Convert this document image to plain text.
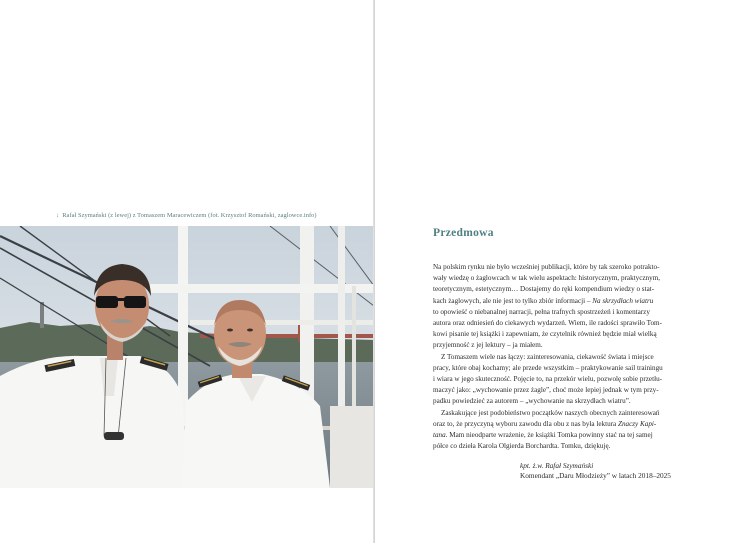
↓ Rafał Szymański (z lewej) z Tomaszem Maracewiczem (fot. Krzysztof Romański, zaglowce.info)
Przedmowa
Na polskim rynku nie było wcześniej publikacji, które by tak szeroko potrakto-
wały wiedzę o żaglowcach w tak wielu aspektach: historycznym, praktycznym,
teoretycznym, estetycznym… Dostajemy do ręki kompendium wiedzy o stat-
kach żaglowych, ale nie jest to tylko zbiór informacji – Na skrzydłach wiatru
to opowieść o niebanalnej narracji, pełna trafnych spostrzeżeń i komentarzy
autora oraz odniesień do ciekawych wydarzeń. Wiem, ile radości sprawiło Tom-
kowi pisanie tej książki i zapewniam, że czytelnik również będzie miał wielką
przyjemność z jej lektury – ja miałem.
Z Tomaszem wiele nas łączy: zainteresowania, ciekawość świata i miejsce
pracy, które obaj kochamy; ale przede wszystkim – praktykowanie sail trainingu
i wiara w jego skuteczność. Pojęcie to, na przekór wielu, pozwolę sobie przetłu-
maczyć jako: „wychowanie przez żagle”, choć może lepiej jednak w tym przy-
padku powiedzieć za autorem – „wychowanie na skrzydłach wiatru”.
Zaskakujące jest podobieństwo początków naszych obecnych zainteresowań
oraz to, że przyczyną wyboru zawodu dla obu z nas była lektura Znaczy Kapi-
tana. Mam nieodparte wrażenie, że książki Tomka powinny stać na tej samej
półce co dzieła Karola Olgierda Borchardta. Tomku, dziękuję.
kpt. ż.w. Rafał Szymański
Komendant „Daru Młodzieży” w latach 2018–2025
